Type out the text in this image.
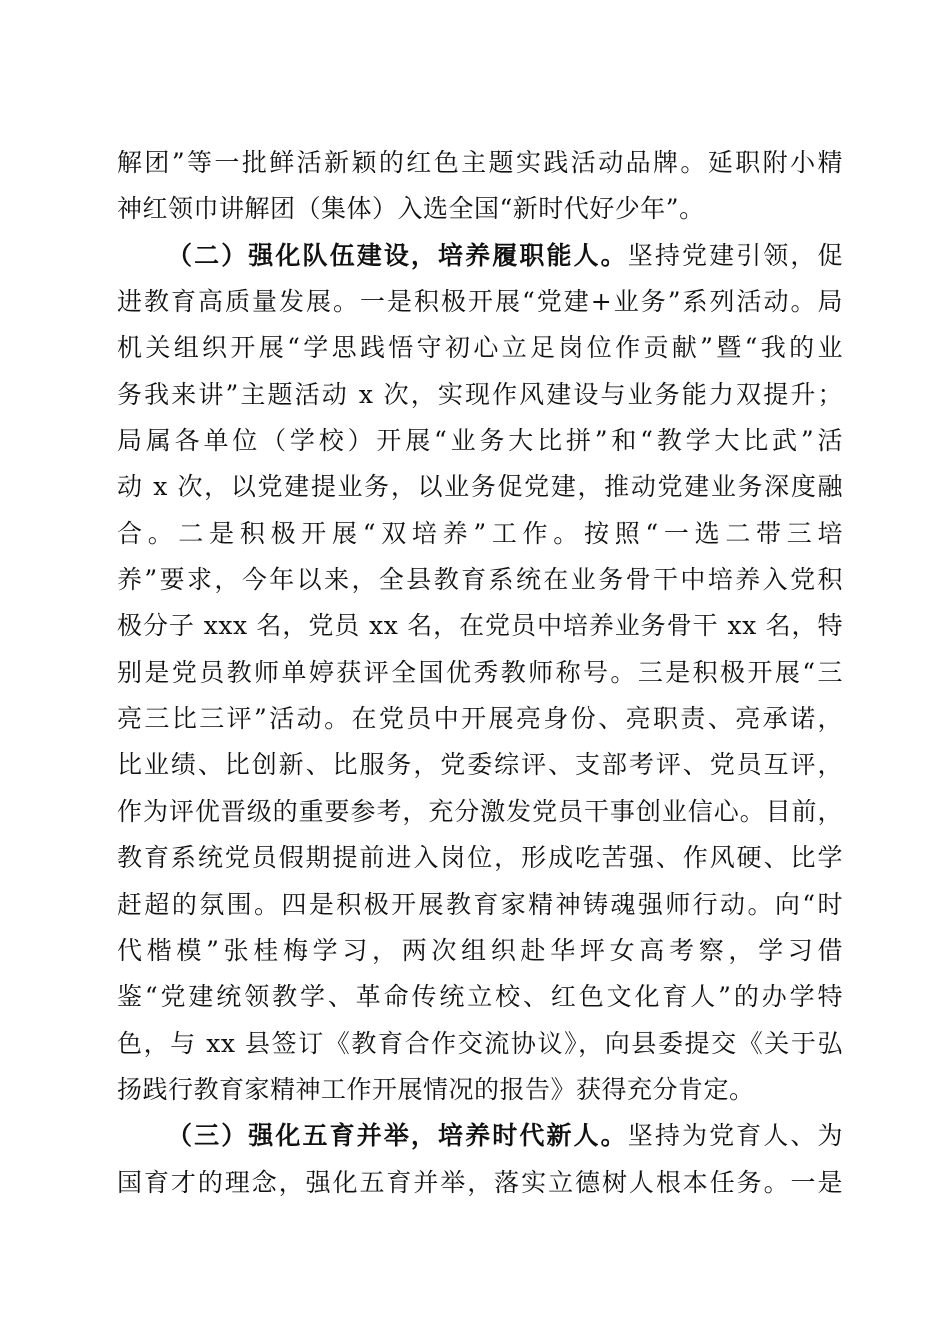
解团”等一批鲜活新颖的红色主题实践活动品牌。延职附小精
神红领巾讲解团（集体）入选全国“新时代好少年”。
（二）强化队伍建设，培养履职能人。坚持党建引领，促
进教育高质量发展。一是积极开展“党建+业务”系列活动。局
机关组织开展“学思践悟守初心立足岗位作贡献”暨“我的业
务我来讲”主题活动 x 次，实现作风建设与业务能力双提升；
局属各单位（学校）开展“业务大比拼”和“教学大比武”活
动 x 次，以党建提业务，以业务促党建，推动党建业务深度融
合。二是积极开展“双培养”工作。按照“一选二带三培
养”要求，今年以来，全县教育系统在业务骨干中培养入党积
极分子 xxx 名，党员 xx 名，在党员中培养业务骨干 xx 名，特
别是党员教师单婷获评全国优秀教师称号。三是积极开展“三
亮三比三评”活动。在党员中开展亮身份、亮职责、亮承诺，
比业绩、比创新、比服务，党委综评、支部考评、党员互评，
作为评优晋级的重要参考，充分激发党员干事创业信心。目前，
教育系统党员假期提前进入岗位，形成吃苦强、作风硬、比学
赶超的氛围。四是积极开展教育家精神铸魂强师行动。向“时
代楷模”张桂梅学习，两次组织赴华坪女高考察，学习借
鉴“党建统领教学、革命传统立校、红色文化育人”的办学特
色，与 xx 县签订《教育合作交流协议》，向县委提交《关于弘
扬践行教育家精神工作开展情况的报告》获得充分肯定。
（三）强化五育并举，培养时代新人。坚持为党育人、为
国育才的理念，强化五育并举，落实立德树人根本任务。一是
